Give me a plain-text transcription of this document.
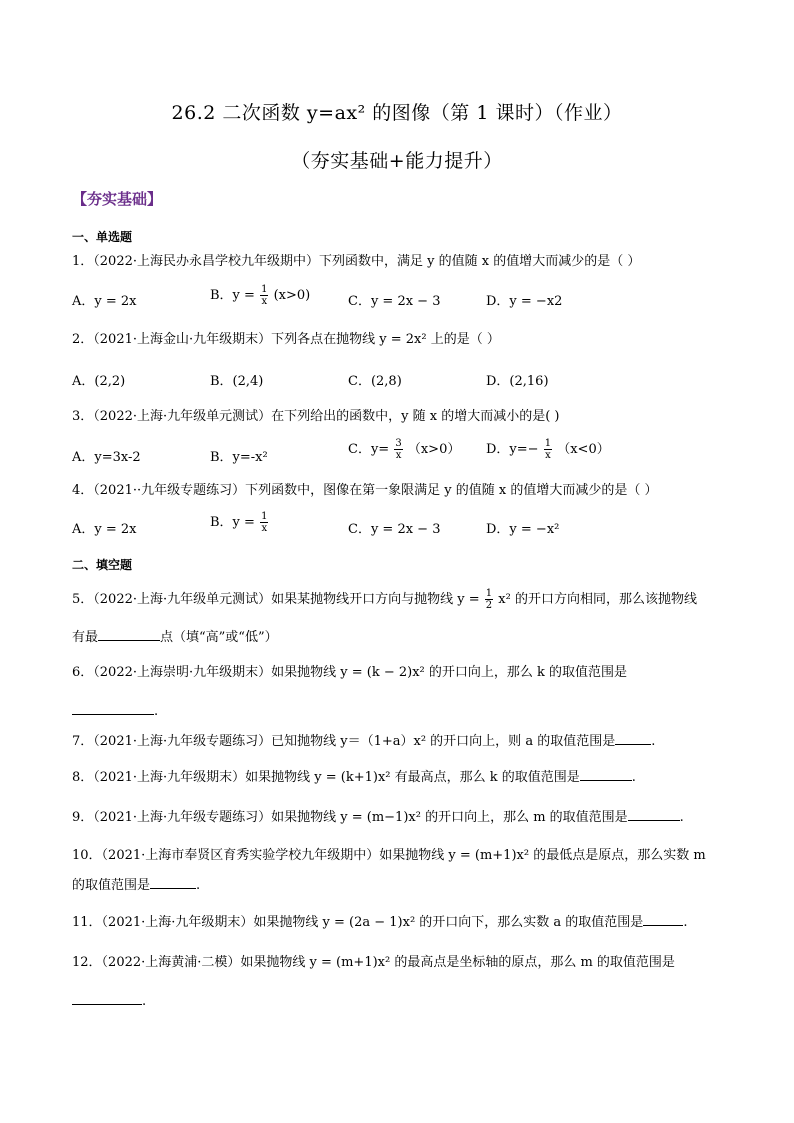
26.2 二次函数 y=ax² 的图像（第 1 课时）（作业）
（夯实基础+能力提升）
【夯实基础】
一、单选题
1．（2022·上海民办永昌学校九年级期中）下列函数中，满足 y 的值随 x 的值增大而减少的是（ ）
A．y = 2x	B．$y = \frac{1}{x} (x>0)$	C．y = 2x − 3	D．y = −x2
2．（2021·上海金山·九年级期末）下列各点在抛物线 y = 2x² 上的是（ ）
A．(2,2)	B．(2,4)	C．(2,8)	D．(2,16)
3．（2022·上海·九年级单元测试）在下列给出的函数中，y 随 x 的增大而减小的是( )
A．y=3x-2	B．y=-x²
C．$y= \frac{3}{x} (x>0)$ D．$y=- \frac{1}{x} (x<0)$
4．（2021··九年级专题练习）下列函数中，图像在第一象限满足 y 的值随 x 的值增大而减少的是（ ）
A．y = 2x	B．$y = \frac{1}{x}$	C．y = 2x − 3	D．y = −x²
二、填空题
5．（2022·上海·九年级单元测试）如果某抛物线开口方向与抛物线 $y = \frac{1}{2} x^2$ 的开口方向相同，那么该抛物线
有最	点（填“高”或“低”）
6．（2022·上海崇明·九年级期末）如果抛物线 y = (k − 2)x² 的开口向上，那么 k 的取值范围是
.
7．（2021·上海·九年级专题练习）已知抛物线 y＝（1+a）x² 的开口向上，则 a 的取值范围是	.
8．（2021·上海·九年级期末）如果抛物线 y = (k+1)x² 有最高点，那么 k 的取值范围是	.
9．（2021·上海·九年级专题练习）如果抛物线 y = (m−1)x² 的开口向上，那么 m 的取值范围是	.
10．（2021·上海市奉贤区育秀实验学校九年级期中）如果抛物线 y = (m+1)x² 的最低点是原点，那么实数 m
的取值范围是	.
11．（2021·上海·九年级期末）如果抛物线 y = (2a − 1)x² 的开口向下，那么实数 a 的取值范围是	.
12．（2022·上海黄浦·二模）如果抛物线 y = (m+1)x² 的最高点是坐标轴的原点，那么 m 的取值范围是
.
